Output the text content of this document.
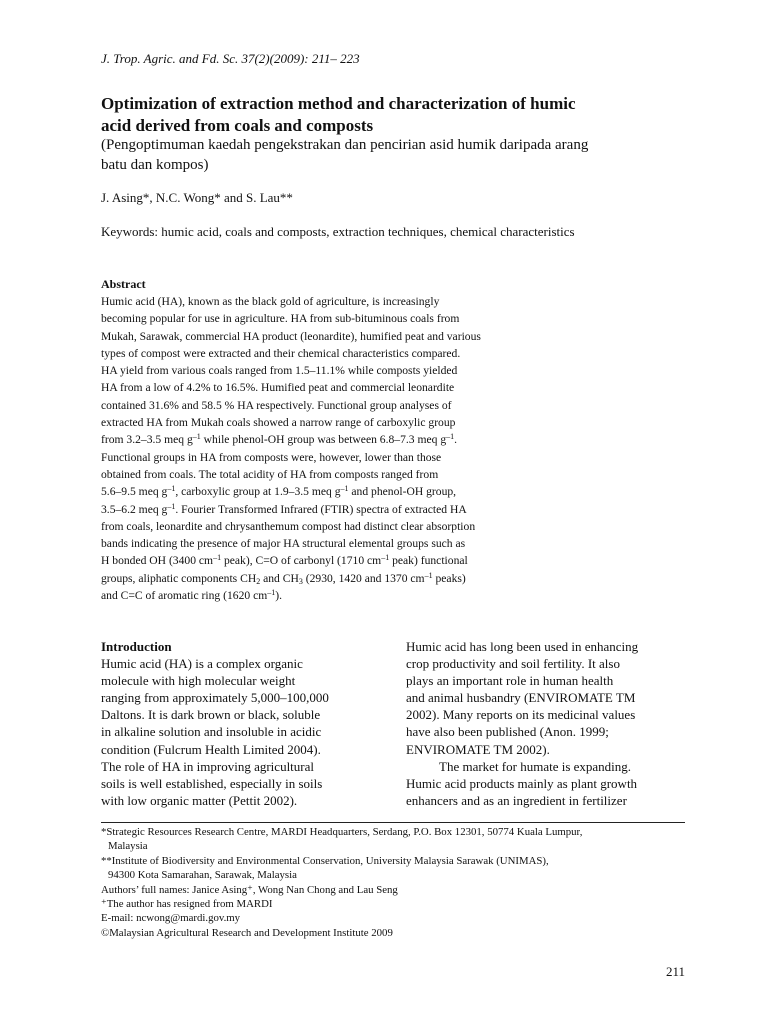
J. Trop. Agric. and Fd. Sc. 37(2)(2009): 211– 223
Optimization of extraction method and characterization of humic
acid derived from coals and composts
(Pengoptimuman kaedah pengekstrakan dan pencirian asid humik daripada arang
batu dan kompos)
J. Asing*, N.C. Wong* and S. Lau**
Keywords: humic acid, coals and composts, extraction techniques, chemical characteristics
Abstract
Humic acid (HA), known as the black gold of agriculture, is increasingly
becoming popular for use in agriculture. HA from sub-bituminous coals from
Mukah, Sarawak, commercial HA product (leonardite), humified peat and various
types of compost were extracted and their chemical characteristics compared.
HA yield from various coals ranged from 1.5–11.1% while composts yielded
HA from a low of 4.2% to 16.5%. Humified peat and commercial leonardite
contained 31.6% and 58.5 % HA respectively. Functional group analyses of
extracted HA from Mukah coals showed a narrow range of carboxylic group
from 3.2–3.5 meq $g^{-1}$ while phenol-OH group was between 6.8–7.3 meq $g^{-1}$.
Functional groups in HA from composts were, however, lower than those
obtained from coals. The total acidity of HA from composts ranged from
5.6–9.5 meq $g^{-1}$, carboxylic group at 1.9–3.5 meq $g^{-1}$ and phenol-OH group,
3.5–6.2 meq $g^{-1}$. Fourier Transformed Infrared (FTIR) spectra of extracted HA
from coals, leonardite and chrysanthemum compost had distinct clear absorption
bands indicating the presence of major HA structural elemental groups such as
H bonded OH (3400 $cm^{-1}$ peak), C=O of carbonyl (1710 $cm^{-1}$ peak) functional
groups, aliphatic components $CH_2$ and $CH_3$ (2930, 1420 and 1370 $cm^{-1}$ peaks)
and C=C of aromatic ring (1620 $cm^{-1}$).
Introduction
Humic acid (HA) is a complex organic
molecule with high molecular weight
ranging from approximately 5,000–100,000
Daltons. It is dark brown or black, soluble
in alkaline solution and insoluble in acidic
condition (Fulcrum Health Limited 2004).
The role of HA in improving agricultural
soils is well established, especially in soils
with low organic matter (Pettit 2002).
Humic acid has long been used in enhancing
crop productivity and soil fertility. It also
plays an important role in human health
and animal husbandry (ENVIROMATE TM
2002). Many reports on its medicinal values
have also been published (Anon. 1999;
ENVIROMATE TM 2002).
The market for humate is expanding.
Humic acid products mainly as plant growth
enhancers and as an ingredient in fertilizer
*Strategic Resources Research Centre, MARDI Headquarters, Serdang, P.O. Box 12301, 50774 Kuala Lumpur,
Malaysia
**Institute of Biodiversity and Environmental Conservation, University Malaysia Sarawak (UNIMAS),
94300 Kota Samarahan, Sarawak, Malaysia
Authors’ full names: Janice Asing⁺, Wong Nan Chong and Lau Seng
⁺The author has resigned from MARDI
E-mail: ncwong@mardi.gov.my
©Malaysian Agricultural Research and Development Institute 2009
211
